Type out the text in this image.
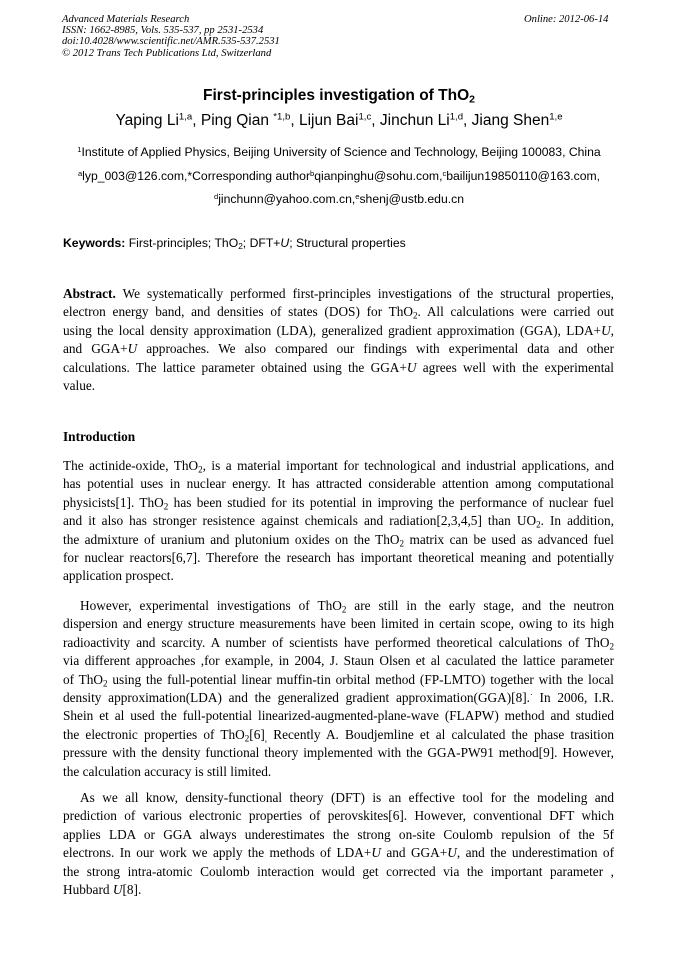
Advanced Materials Research
ISSN: 1662-8985, Vols. 535-537, pp 2531-2534
doi:10.4028/www.scientific.net/AMR.535-537.2531
© 2012 Trans Tech Publications Ltd, Switzerland
Online: 2012-06-14
First-principles investigation of ThO$_2$
Yaping Li$^{1,a}$, Ping Qian $^{*1,b}$, Lijun Bai$^{1,c}$, Jinchun Li$^{1,d}$, Jiang Shen$^{1,e}$
$^1$Institute of Applied Physics, Beijing University of Science and Technology, Beijing 100083, China
$^a$lyp_003@126.com,*Corresponding author$^b$qianpinghu@sohu.com,$^c$bailijun19850110@163.com,
$^d$jinchunn@yahoo.com.cn,$^e$shenj@ustb.edu.cn
Keywords: First-principles; ThO$_2$; DFT+U; Structural properties
Abstract. We systematically performed first-principles investigations of the structural properties,
electron energy band, and densities of states (DOS) for ThO$_2$. All calculations were carried out
using the local density approximation (LDA), generalized gradient approximation (GGA), LDA+U,
and GGA+U approaches. We also compared our findings with experimental data and other
calculations. The lattice parameter obtained using the GGA+U agrees well with the experimental
value.
Introduction
The actinide-oxide, ThO$_2$, is a material important for technological and industrial applications, and
has potential uses in nuclear energy. It has attracted considerable attention among computational
physicists[1]. ThO$_2$ has been studied for its potential in improving the performance of nuclear fuel
and it also has stronger resistence against chemicals and radiation[2,3,4,5] than $UO_2$. In addition,
the admixture of uranium and plutonium oxides on the ThO$_2$ matrix can be used as advanced fuel
for nuclear reactors[6,7]. Therefore the research has important theoretical meaning and potentially
application prospect.
However, experimental investigations of ThO$_2$ are still in the early stage, and the neutron
dispersion and energy structure measurements have been limited in certain scope, owing to its high
radioactivity and scarcity. A number of scientists have performed theoretical calculations of ThO$_2$
via different approaches ,for example, in 2004, J. Staun Olsen et al caculated the lattice parameter
of ThO$_2$ using the full-potential linear muffin-tin orbital method (FP-LMTO) together with the local
density approximation(LDA) and the generalized gradient approximation(GGA)[8].· In 2006, I.R.
Shein et al used the full-potential linearized-augmented-plane-wave (FLAPW) method and studied
the electronic properties of $ThO_2[6]_,$ Recently A. Boudjemline et al calculated the phase trasition
pressure with the density functional theory implemented with the GGA-PW91 method[9]. However,
the calculation accuracy is still limited.
As we all know, density-functional theory (DFT) is an effective tool for the modeling and
prediction of various electronic properties of perovskites[6]. However, conventional DFT which
applies LDA or GGA always underestimates the strong on-site Coulomb repulsion of the 5f
electrons. In our work we apply the methods of LDA+U and GGA+U, and the underestimation of
the strong intra-atomic Coulomb interaction would get corrected via the important parameter ,
Hubbard U[8].
